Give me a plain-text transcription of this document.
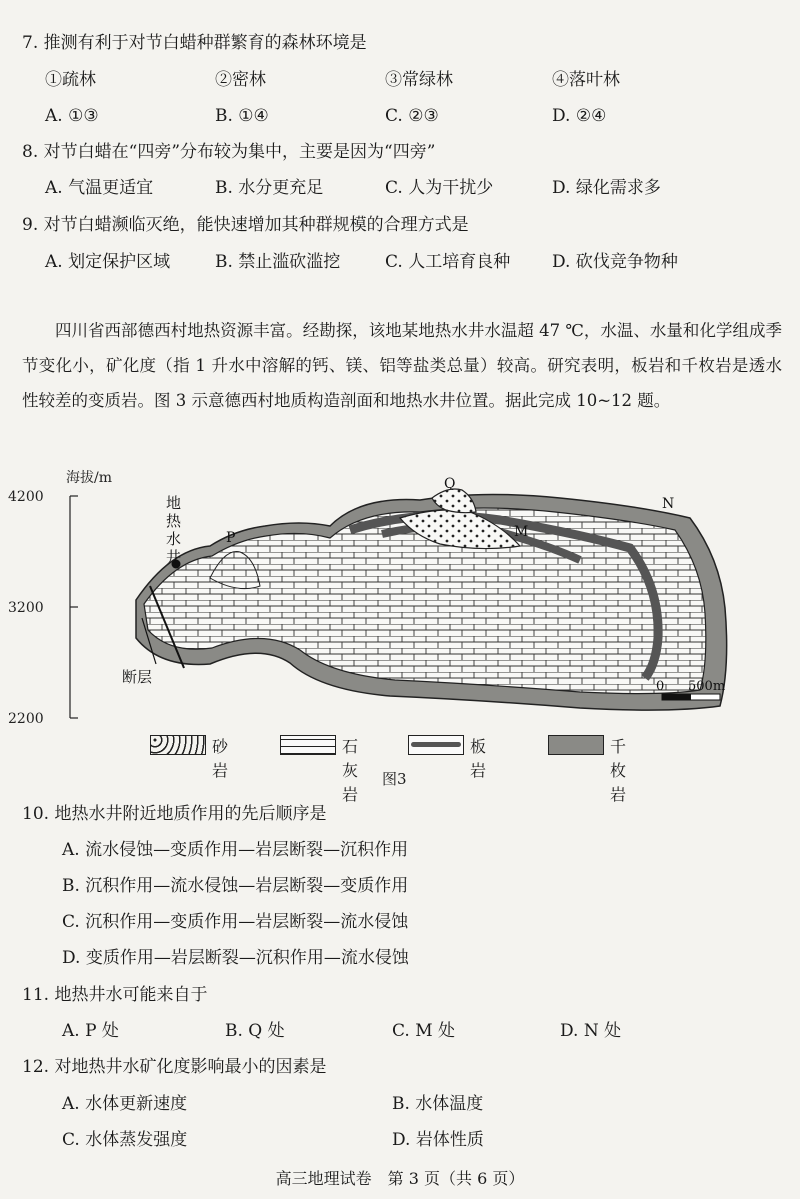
7. 推测有利于对节白蜡种群繁育的森林环境是
①疏林	②密林	③常绿林	④落叶林
A. ①③	B. ①④	C. ②③	D. ②④
8. 对节白蜡在“四旁”分布较为集中，主要是因为“四旁”
A. 气温更适宜	B. 水分更充足	C. 人为干扰少	D. 绿化需求多
9. 对节白蜡濒临灭绝，能快速增加其种群规模的合理方式是
A. 划定保护区域	B. 禁止滥砍滥挖	C. 人工培育良种 D. 砍伐竞争物种

四川省西部德西村地热资源丰富。经勘探，该地某地热水井水温超 47 ℃，水温、水量和化学组成季节变化小，矿化度（指 1 升水中溶解的钙、镁、铝等盐类总量）较高。研究表明，板岩和千枚岩是透水性较差的变质岩。图 3 示意德西村地质构造剖面和地热水井位置。据此完成 10~12 题。

海拔/m
4200
3200
2200
地
热
水
井
断层
P
Q
M
N
0 500m
砂岩
石灰岩
板岩
千枚岩
图3
10. 地热水井附近地质作用的先后顺序是
A. 流水侵蚀—变质作用—岩层断裂—沉积作用
B. 沉积作用—流水侵蚀—岩层断裂—变质作用
C. 沉积作用—变质作用—岩层断裂—流水侵蚀
D. 变质作用—岩层断裂—沉积作用—流水侵蚀
11. 地热井水可能来自于
A. P 处	B. Q 处	C. M 处	D. N 处
12. 对地热井水矿化度影响最小的因素是
A. 水体更新速度	B. 水体温度
C. 水体蒸发强度	D. 岩体性质
高三地理试卷　第 3 页（共 6 页）
